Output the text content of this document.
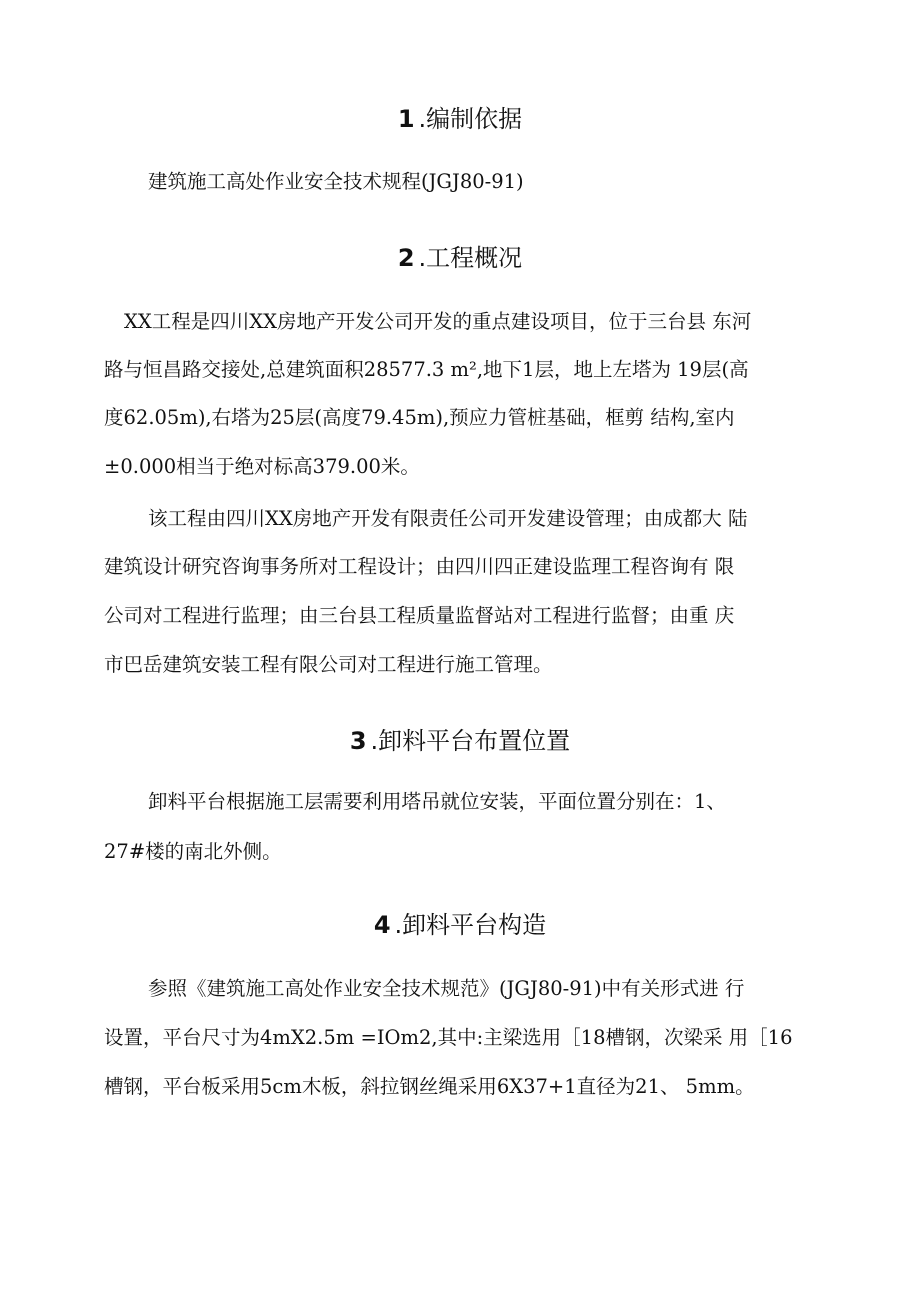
1 .编制依据
建筑施工高处作业安全技术规程(JGJ80-91)
2 .工程概况
XX工程是四川XX房地产开发公司开发的重点建设项目，位于三台县 东河
路与恒昌路交接处,总建筑面积28577.3 m²,地下1层，地上左塔为 19层(高
度62.05m),右塔为25层(高度79.45m),预应力管桩基础，框剪 结构,室内
±0.000相当于绝对标高379.00米。
该工程由四川XX房地产开发有限责任公司开发建设管理；由成都大 陆
建筑设计研究咨询事务所对工程设计；由四川四正建设监理工程咨询有 限
公司对工程进行监理；由三台县工程质量监督站对工程进行监督；由重 庆
市巴岳建筑安装工程有限公司对工程进行施工管理。
3 .卸料平台布置位置
卸料平台根据施工层需要利用塔吊就位安装，平面位置分别在：1、
27#楼的南北外侧。
4 .卸料平台构造
参照《建筑施工高处作业安全技术规范》(JGJ80-91)中有关形式进 行
设置，平台尺寸为4mX2.5m =IOm2,其中:主梁选用［18槽钢，次梁采 用［16
槽钢，平台板采用5cm木板，斜拉钢丝绳采用6X37+1直径为21、 5mm。
